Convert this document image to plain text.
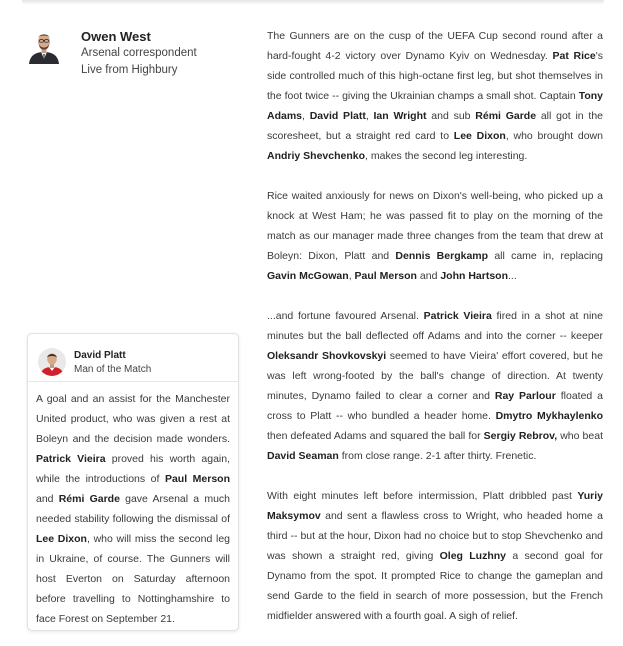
Owen West
Arsenal correspondent
Live from Highbury
David Platt
Man of the Match
A goal and an assist for the Manchester United product, who was given a rest at Boleyn and the decision made wonders. Patrick Vieira proved his worth again, while the introductions of Paul Merson and Rémi Garde gave Arsenal a much needed stability following the dismissal of Lee Dixon, who will miss the second leg in Ukraine, of course. The Gunners will host Everton on Saturday afternoon before travelling to Nottinghamshire to face Forest on September 21.

The Gunners are on the cusp of the UEFA Cup second round after a hard-fought 4-2 victory over Dynamo Kyiv on Wednesday. Pat Rice's side controlled much of this high-octane first leg, but shot themselves in the foot twice -- giving the Ukrainian champs a small shot. Captain Tony Adams, David Platt, Ian Wright and sub Rémi Garde all got in the scoresheet, but a straight red card to Lee Dixon, who brought down Andriy Shevchenko, makes the second leg interesting.

Rice waited anxiously for news on Dixon's well-being, who picked up a knock at West Ham; he was passed fit to play on the morning of the match as our manager made three changes from the team that drew at Boleyn: Dixon, Platt and Dennis Bergkamp all came in, replacing Gavin McGowan, Paul Merson and John Hartson...

...and fortune favoured Arsenal. Patrick Vieira fired in a shot at nine minutes but the ball deflected off Adams and into the corner -- keeper Oleksandr Shovkovskyi seemed to have Vieira' effort covered, but he was left wrong-footed by the ball's change of direction. At twenty minutes, Dynamo failed to clear a corner and Ray Parlour floated a cross to Platt -- who bundled a header home. Dmytro Mykhaylenko then defeated Adams and squared the ball for Sergiy Rebrov, who beat David Seaman from close range. 2-1 after thirty. Frenetic.

With eight minutes left before intermission, Platt dribbled past Yuriy Maksymov and sent a flawless cross to Wright, who headed home a third -- but at the hour, Dixon had no choice but to stop Shevchenko and was shown a straight red, giving Oleg Luzhny a second goal for Dynamo from the spot. It prompted Rice to change the gameplan and send Garde to the field in search of more possession, but the French midfielder answered with a fourth goal. A sigh of relief.
